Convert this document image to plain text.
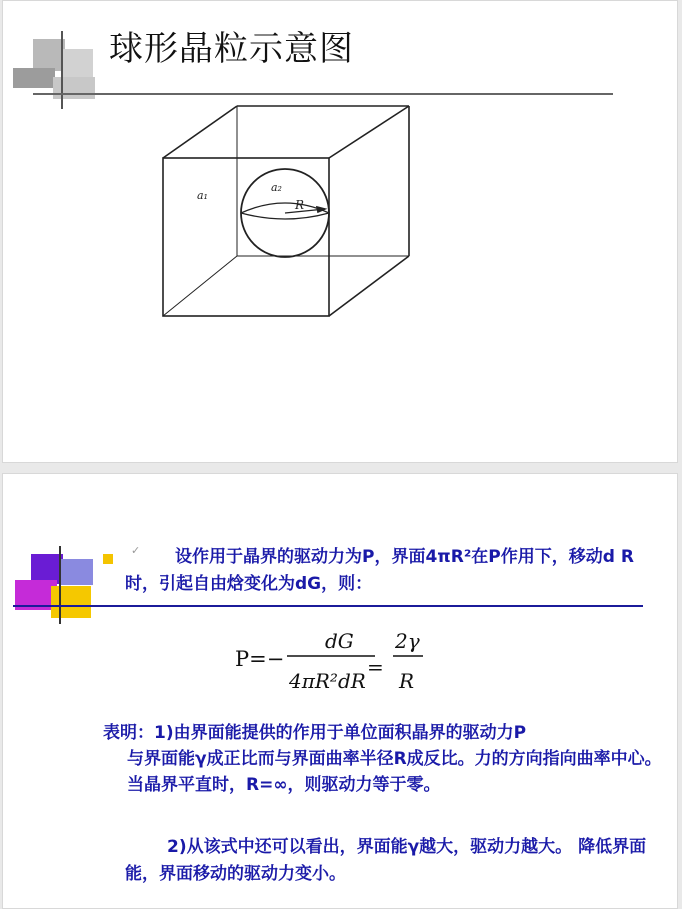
球形晶粒示意图
a₁
a₂
R
✓	设作用于晶界的驱动力为P，界面4πR²在P作用下，移动d R时，引起自由焓变化为dG，则：
P=−
dG
4πR²dR
=
2γ
R
表明：1)由界面能提供的作用于单位面积晶界的驱动力P
与界面能γ成正比而与界面曲率半径R成反比。力的方向指向曲率中心。当晶界平直时，R=∞，则驱动力等于零。
2)从该式中还可以看出，界面能γ越大，驱动力越大。 降低界面能，界面移动的驱动力变小。
